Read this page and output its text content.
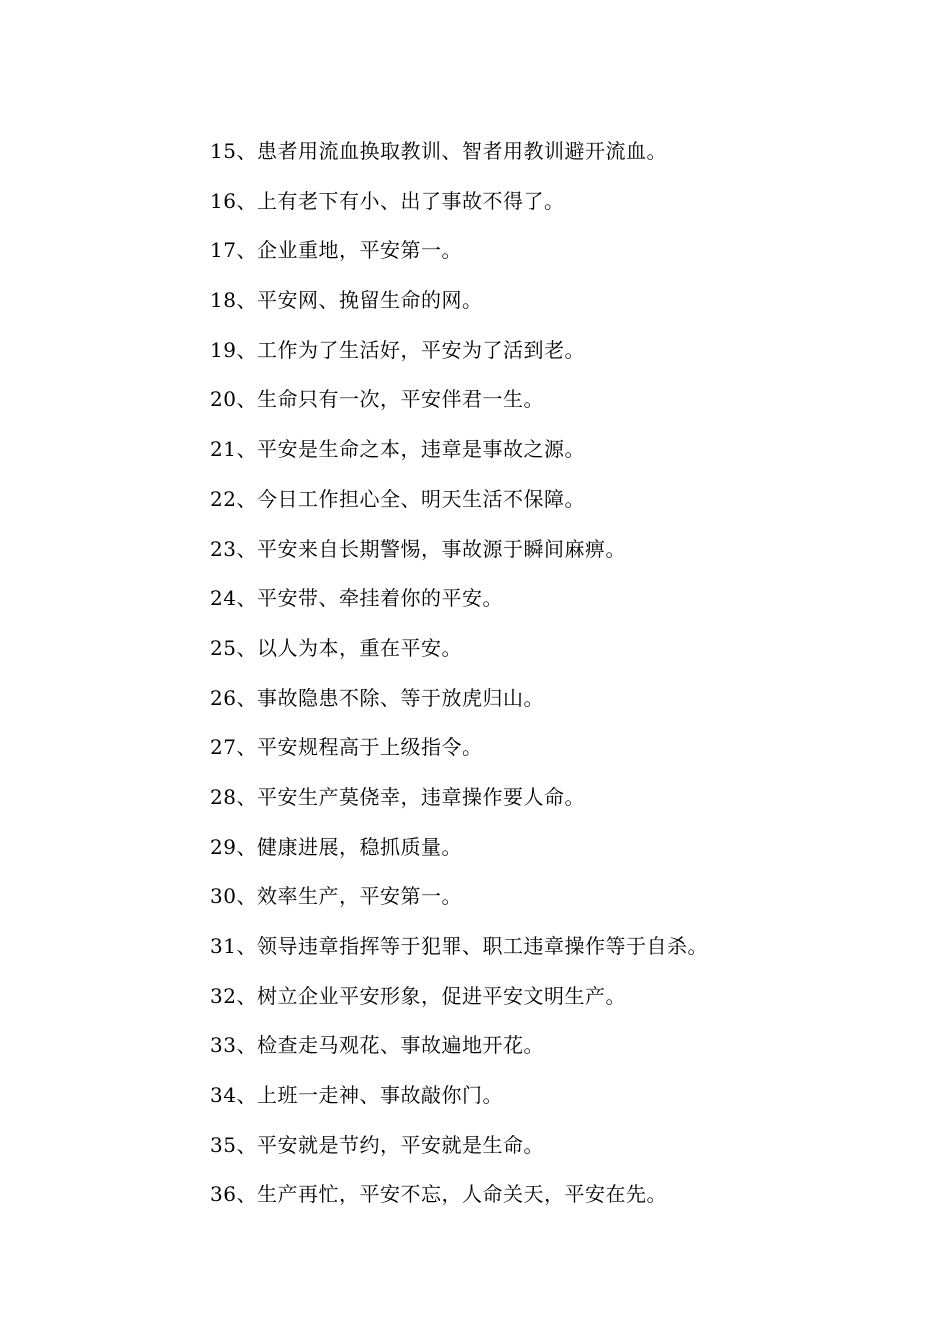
15、患者用流血换取教训、智者用教训避开流血。
16、上有老下有小、出了事故不得了。
17、企业重地，平安第一。
18、平安网、挽留生命的网。
19、工作为了生活好，平安为了活到老。
20、生命只有一次，平安伴君一生。
21、平安是生命之本，违章是事故之源。
22、今日工作担心全、明天生活不保障。
23、平安来自长期警惕，事故源于瞬间麻痹。
24、平安带、牵挂着你的平安。
25、以人为本，重在平安。
26、事故隐患不除、等于放虎归山。
27、平安规程高于上级指令。
28、平安生产莫侥幸，违章操作要人命。
29、健康进展，稳抓质量。
30、效率生产，平安第一。
31、领导违章指挥等于犯罪、职工违章操作等于自杀。
32、树立企业平安形象，促进平安文明生产。
33、检查走马观花、事故遍地开花。
34、上班一走神、事故敲你门。
35、平安就是节约，平安就是生命。
36、生产再忙，平安不忘，人命关天，平安在先。
